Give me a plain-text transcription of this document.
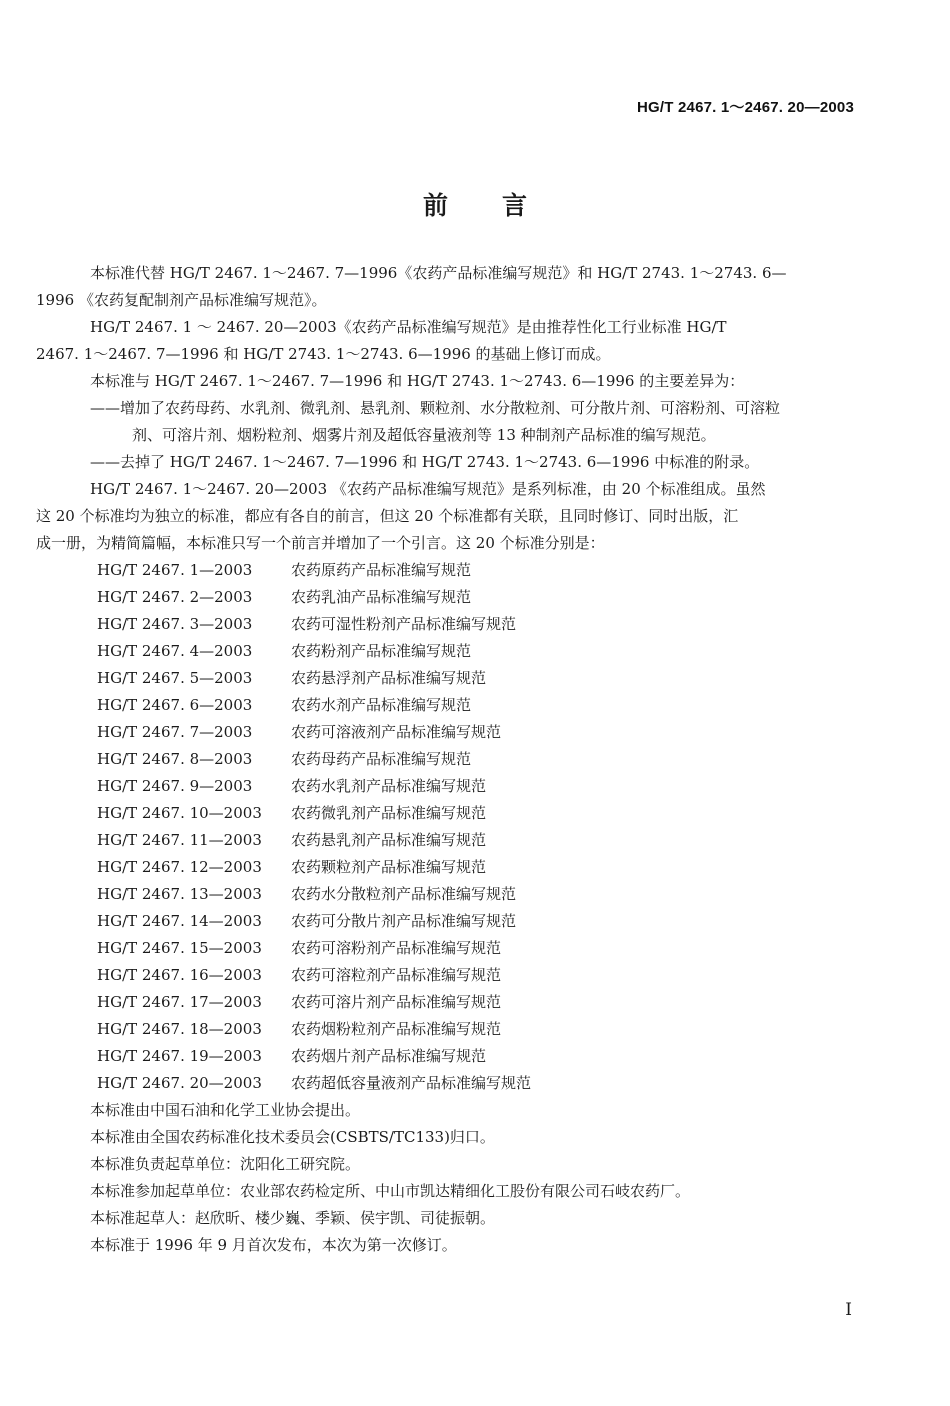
HG/T 2467. 1～2467. 20—2003
前 言
本标准代替 HG/T 2467. 1～2467. 7—1996《农药产品标准编写规范》和 HG/T 2743. 1～2743. 6—
1996 《农药复配制剂产品标准编写规范》。
HG/T 2467. 1 ～ 2467. 20—2003《农药产品标准编写规范》是由推荐性化工行业标准 HG/T
2467. 1～2467. 7—1996 和 HG/T 2743. 1～2743. 6—1996 的基础上修订而成。
本标准与 HG/T 2467. 1～2467. 7—1996 和 HG/T 2743. 1～2743. 6—1996 的主要差异为：
——增加了农药母药、水乳剂、微乳剂、悬乳剂、颗粒剂、水分散粒剂、可分散片剂、可溶粉剂、可溶粒
剂、可溶片剂、烟粉粒剂、烟雾片剂及超低容量液剂等 13 种制剂产品标准的编写规范。
——去掉了 HG/T 2467. 1～2467. 7—1996 和 HG/T 2743. 1～2743. 6—1996 中标准的附录。
HG/T 2467. 1～2467. 20—2003 《农药产品标准编写规范》是系列标准，由 20 个标准组成。虽然
这 20 个标准均为独立的标准，都应有各自的前言，但这 20 个标准都有关联，且同时修订、同时出版，汇
成一册，为精简篇幅，本标准只写一个前言并增加了一个引言。这 20 个标准分别是：
HG/T 2467. 1—2003	农药原药产品标准编写规范
HG/T 2467. 2—2003	农药乳油产品标准编写规范
HG/T 2467. 3—2003	农药可湿性粉剂产品标准编写规范
HG/T 2467. 4—2003	农药粉剂产品标准编写规范
HG/T 2467. 5—2003	农药悬浮剂产品标准编写规范
HG/T 2467. 6—2003	农药水剂产品标准编写规范
HG/T 2467. 7—2003	农药可溶液剂产品标准编写规范
HG/T 2467. 8—2003	农药母药产品标准编写规范
HG/T 2467. 9—2003	农药水乳剂产品标准编写规范
HG/T 2467. 10—2003	农药微乳剂产品标准编写规范
HG/T 2467. 11—2003	农药悬乳剂产品标准编写规范
HG/T 2467. 12—2003	农药颗粒剂产品标准编写规范
HG/T 2467. 13—2003	农药水分散粒剂产品标准编写规范
HG/T 2467. 14—2003	农药可分散片剂产品标准编写规范
HG/T 2467. 15—2003	农药可溶粉剂产品标准编写规范
HG/T 2467. 16—2003	农药可溶粒剂产品标准编写规范
HG/T 2467. 17—2003	农药可溶片剂产品标准编写规范
HG/T 2467. 18—2003	农药烟粉粒剂产品标准编写规范
HG/T 2467. 19—2003	农药烟片剂产品标准编写规范
HG/T 2467. 20—2003	农药超低容量液剂产品标准编写规范
本标准由中国石油和化学工业协会提出。
本标准由全国农药标准化技术委员会(CSBTS/TC133)归口。
本标准负责起草单位：沈阳化工研究院。
本标准参加起草单位：农业部农药检定所、中山市凯达精细化工股份有限公司石岐农药厂。
本标准起草人：赵欣昕、楼少巍、季颖、侯宇凯、司徒振朝。
本标准于 1996 年 9 月首次发布，本次为第一次修订。
I
